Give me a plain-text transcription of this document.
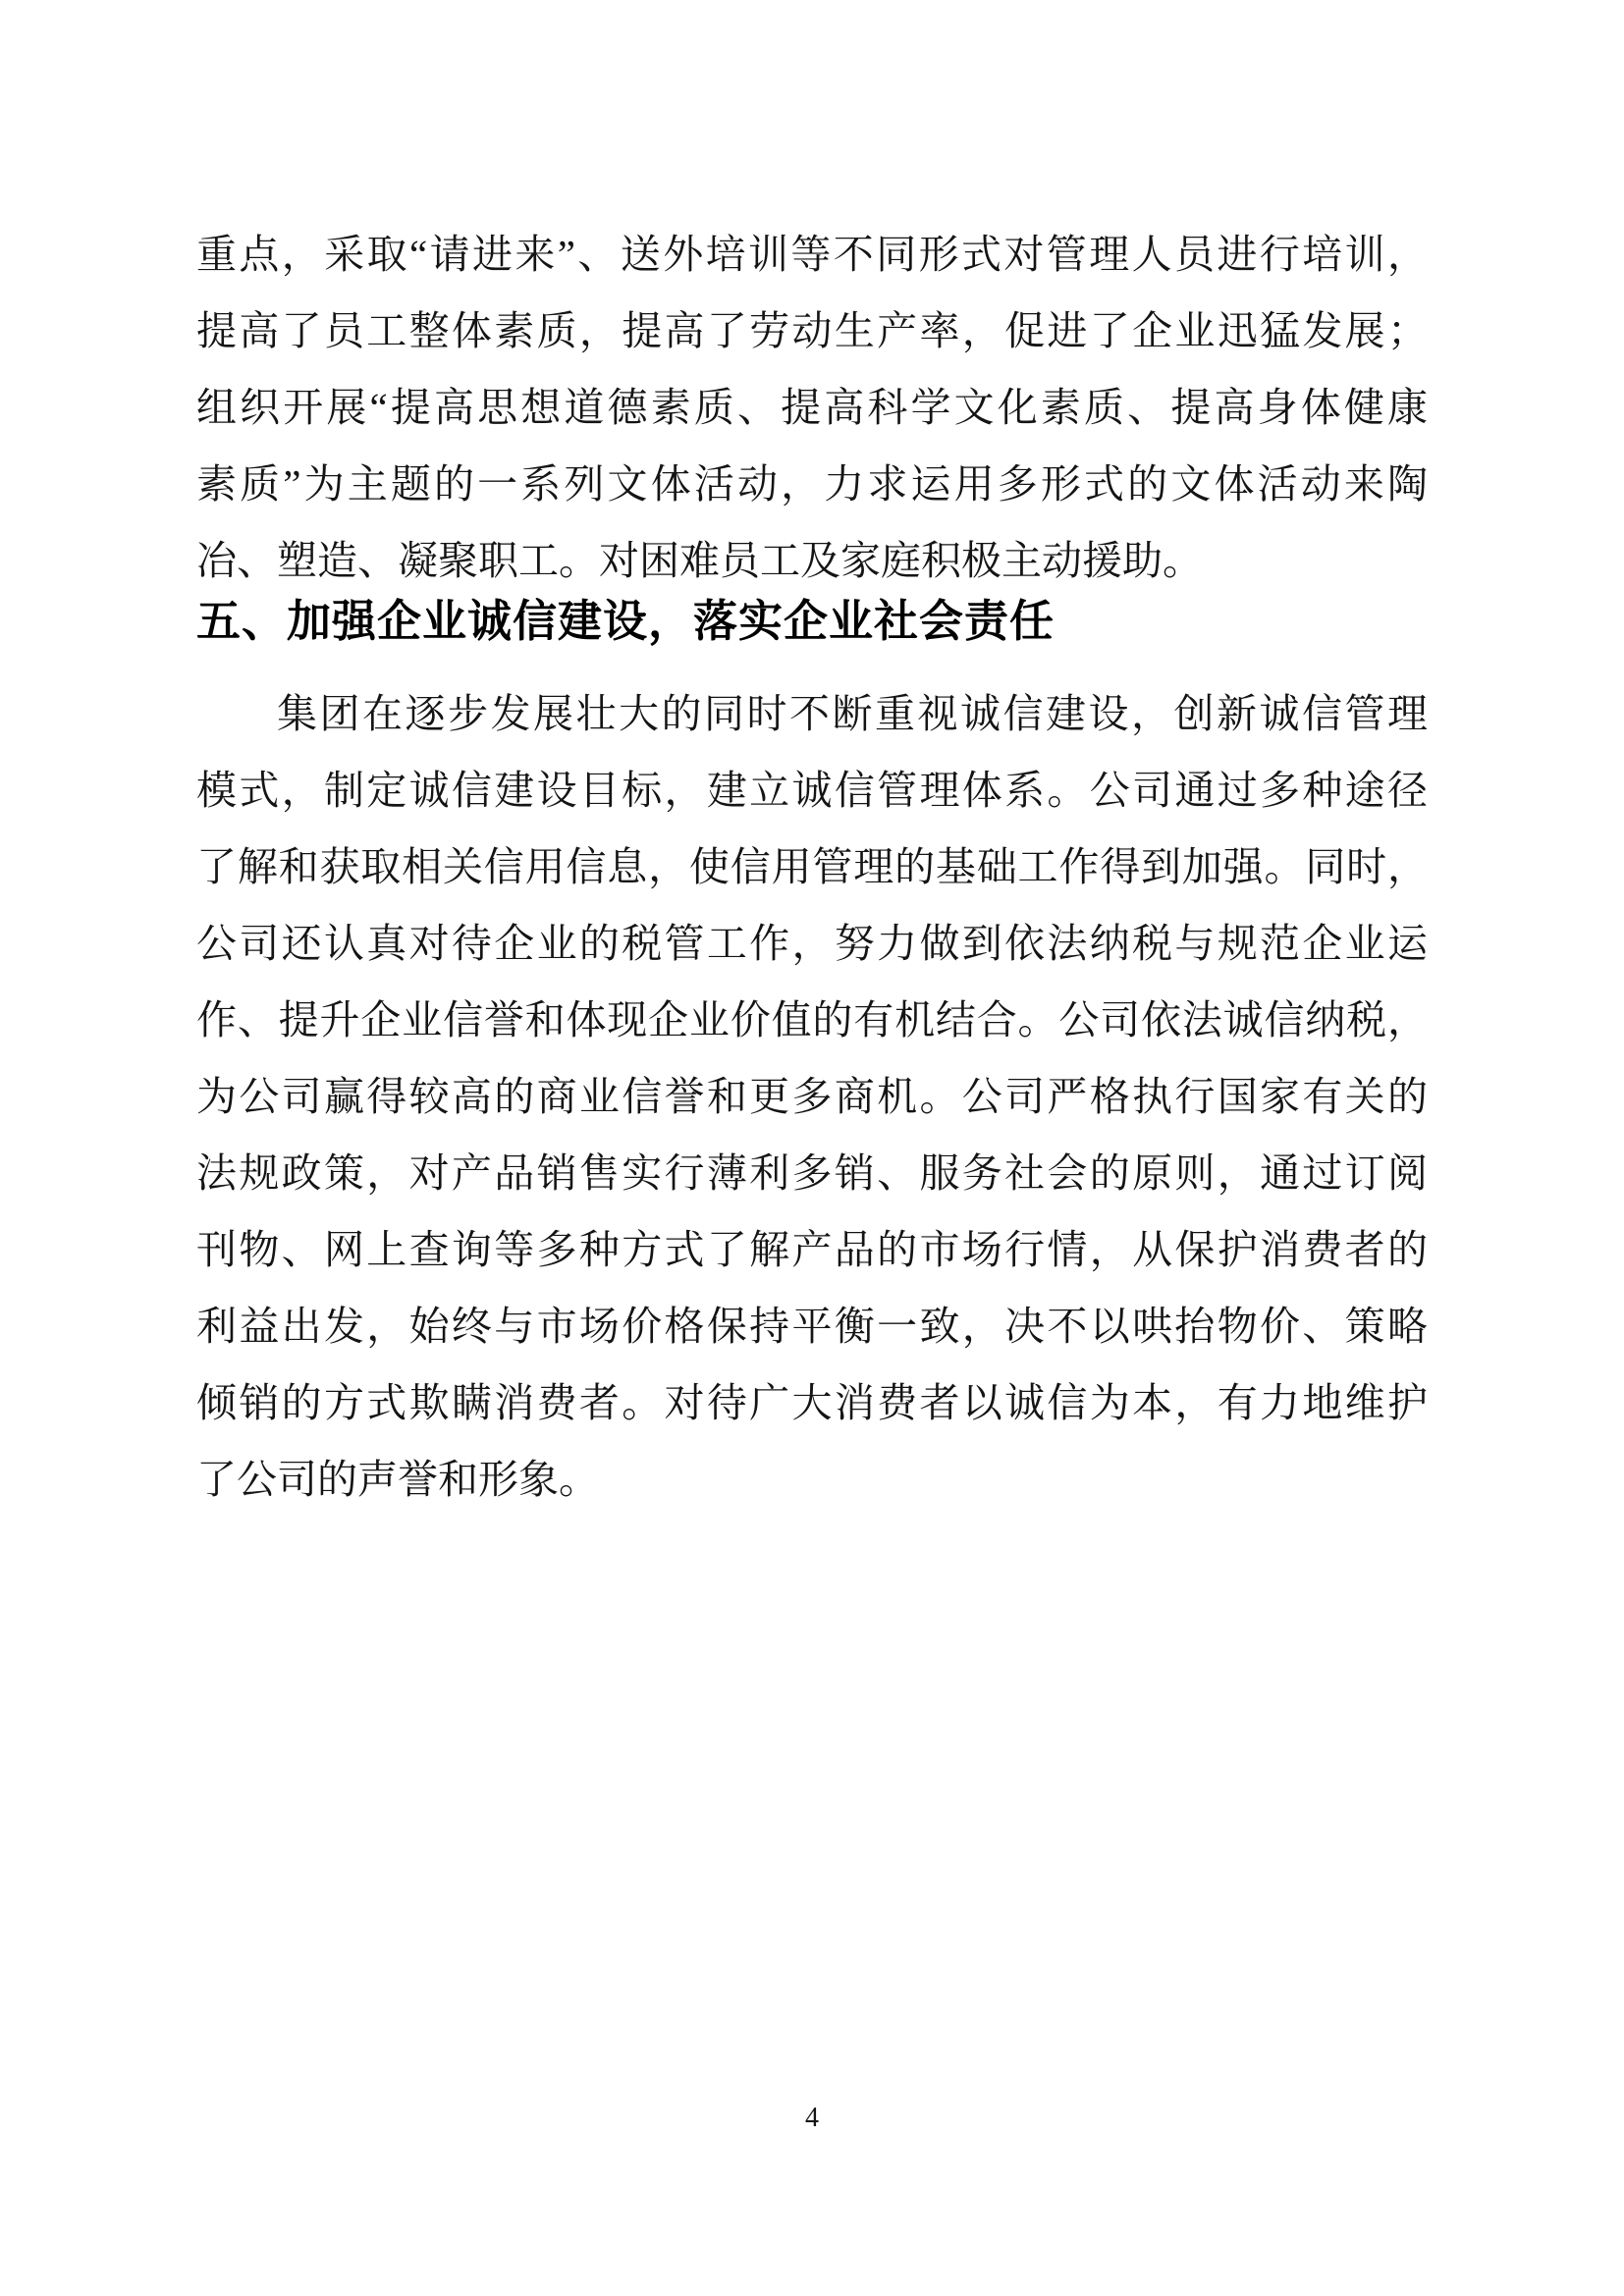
重点，采取“请进来”、送外培训等不同形式对管理人员进行培训，
提高了员工整体素质，提高了劳动生产率，促进了企业迅猛发展；
组织开展“提高思想道德素质、提高科学文化素质、提高身体健康
素质”为主题的一系列文体活动，力求运用多形式的文体活动来陶
冶、塑造、凝聚职工。对困难员工及家庭积极主动援助。
五、加强企业诚信建设，落实企业社会责任
集团在逐步发展壮大的同时不断重视诚信建设，创新诚信管理
模式，制定诚信建设目标，建立诚信管理体系。公司通过多种途径
了解和获取相关信用信息，使信用管理的基础工作得到加强。同时，
公司还认真对待企业的税管工作，努力做到依法纳税与规范企业运
作、提升企业信誉和体现企业价值的有机结合。公司依法诚信纳税，
为公司赢得较高的商业信誉和更多商机。公司严格执行国家有关的
法规政策，对产品销售实行薄利多销、服务社会的原则，通过订阅
刊物、网上查询等多种方式了解产品的市场行情，从保护消费者的
利益出发，始终与市场价格保持平衡一致，决不以哄抬物价、策略
倾销的方式欺瞒消费者。对待广大消费者以诚信为本，有力地维护
了公司的声誉和形象。
4
